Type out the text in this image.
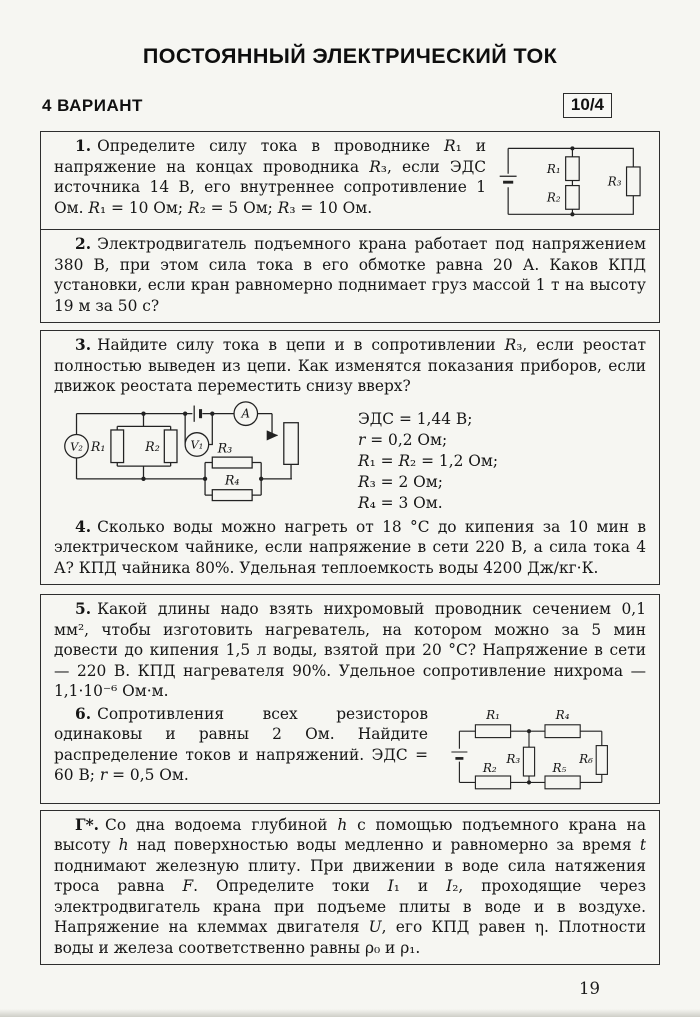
ПОСТОЯННЫЙ ЭЛЕКТРИЧЕСКИЙ ТОК
4 ВАРИАНТ	10/4
R₁
R₂
R₃

1. Определите силу тока в проводнике R₁ и напряжение на концах проводника R₃, если ЭДС источника 14 В, его внутреннее сопротивление 1 Ом. R₁ = 10 Ом; R₂ = 5 Ом; R₃ = 10 Ом.

2. Электродвигатель подъемного крана работает под напряжением 380 В, при этом сила тока в его обмотке равна 20 А. Каков КПД установки, если кран равномерно поднимает груз массой 1 т на высоту 19 м за 50 с?

3. Найдите силу тока в цепи и в сопротивлении R₃, если реостат полностью выведен из цепи. Как изменятся показания приборов, если движок реостата переместить снизу вверх?

V₂	V₁
A
R₁	R₂	R₃
R₄
ЭДС = 1,44 В;
r = 0,2 Ом;
R₁ = R₂ = 1,2 Ом;
R₃ = 2 Ом;
R₄ = 3 Ом.

4. Сколько воды можно нагреть от 18 °С до кипения за 10 мин в электрическом чайнике, если напряжение в сети 220 В, а сила тока 4 А? КПД чайника 80%. Удельная теплоемкость воды 4200 Дж/кг·К.

5. Какой длины надо взять нихромовый проводник сечением 0,1 мм², чтобы изготовить нагреватель, на котором можно за 5 мин довести до кипения 1,5 л воды, взятой при 20 °С? Напряжение в сети — 220 В. КПД нагревателя 90%. Удельное сопротивление нихрома — 1,1·10⁻⁶ Ом·м.

6. Сопротивления всех резисторов одинаковы и равны 2 Ом. Найдите распределение токов и напряжений. ЭДС = 60 В; r = 0,5 Ом.

R₁	R₄
R₃	R₆
R₂	R₅

Г*. Со дна водоема глубиной h с помощью подъемного крана на высоту h над поверхностью воды медленно и равномерно за время t поднимают железную плиту. При движении в воде сила натяжения троса равна F. Определите токи I₁ и I₂, проходящие через электродвигатель крана при подъеме плиты в воде и в воздухе. Напряжение на клеммах двигателя U, его КПД равен η. Плотности воды и железа соответственно равны ρ₀ и ρ₁.

19
